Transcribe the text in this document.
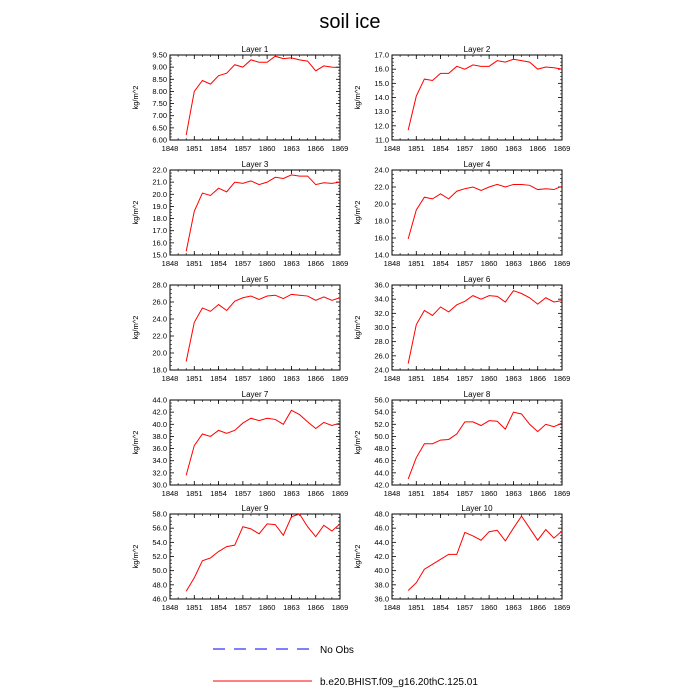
soil ice
Layer 1
1848 1851 1854 1857 1860 1863 1866 1869
6.00
6.50
7.00
7.50
8.00
8.50
9.00
9.50
kg/m^2
Layer 2
1848 1851 1854 1857 1860 1863 1866 1869
11.0
12.0
13.0
14.0
15.0
16.0
17.0
kg/m^2
Layer 3
1848 1851 1854 1857 1860 1863 1866 1869
15.0
16.0
17.0
18.0
19.0
20.0
21.0
22.0
kg/m^2
Layer 4
1848 1851 1854 1857 1860 1863 1866 1869
14.0
16.0
18.0
20.0
22.0
24.0
kg/m^2
Layer 5
1848 1851 1854 1857 1860 1863 1866 1869
18.0
20.0
22.0
24.0
26.0
28.0
kg/m^2
Layer 6
1848 1851 1854 1857 1860 1863 1866 1869
24.0
26.0
28.0
30.0
32.0
34.0
36.0
kg/m^2
Layer 7
1848 1851 1854 1857 1860 1863 1866 1869
30.0
32.0
34.0
36.0
38.0
40.0
42.0
44.0
kg/m^2
Layer 8
1848 1851 1854 1857 1860 1863 1866 1869
42.0
44.0
46.0
48.0
50.0
52.0
54.0
56.0
kg/m^2
Layer 9
1848 1851 1854 1857 1860 1863 1866 1869
46.0
48.0
50.0
52.0
54.0
56.0
58.0
kg/m^2
Layer 10
1848 1851 1854 1857 1860 1863 1866 1869
36.0
38.0
40.0
42.0
44.0
46.0
48.0
kg/m^2
No Obs
b.e20.BHIST.f09_g16.20thC.125.01
